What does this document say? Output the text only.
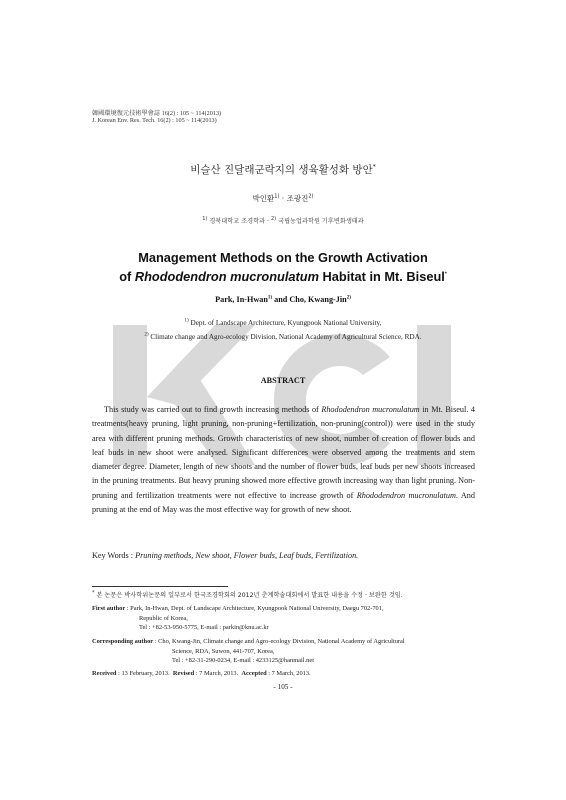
韓國環境復元技術學會誌 16(2) : 105 ~ 114(2013)
J. Korean Env. Res. Tech. 16(2) : 105 ~ 114(2013)
비슬산 진달래군락지의 생육활성화 방안*
박인환$^{1)}$ · 조광진$^{2)}$
$^{1)}$ 경북대학교 조경학과 · $^{2)}$ 국립농업과학원 기후변화생태과
Management Methods on the Growth Activation
of Rhododendron mucronulatum Habitat in Mt. Biseul*
Park, In-Hwan$^{1)}$ and Cho, Kwang-Jin$^{2)}$
$^{1)}$ Dept. of Landscape Architecture, Kyungpook National University,
$^{2)}$ Climate change and Agro-ecology Division, National Academy of Agricultural Science, RDA.
ABSTRACT

This study was carried out to find growth increasing methods of Rhododendron mucronulatum in Mt. Biseul. 4 treatments(heavy pruning, light pruning, non-pruning+fertilization, non-pruning(control)) were used in the study area with different pruning methods. Growth characteristics of new shoot, number of creation of flower buds and leaf buds in new shoot were analysed. Significant differences were observed among the treatments and stem diameter degree. Diameter, length of new shoots and the number of flower buds, leaf buds per new shoots increased in the pruning treatments. But heavy pruning showed more effective growth increasing way than light pruning. Non-pruning and fertilization treatments were not effective to increase growth of Rhododendron mucronulatum. And pruning at the end of May was the most effective way for growth of new shoot.

Key Words : Pruning methods, New shoot, Flower buds, Leaf buds, Fertilization.
* 본 논문은 박사학위논문의 일부로서 한국조경학회의 2012년 춘계학술대회에서 발표한 내용을 수정 · 보완한 것임.
First author : Park, In-Hwan, Dept. of Landscape Architecture, Kyungpook National University, Daegu 702-701,
Republic of Korea,
Tel : +82-53-950-5775, E-mail : parkin@knu.ac.kr
Corresponding author : Cho, Kwang-Jin, Climate change and Agro-ecology Division, National Academy of Agricultural
Science, RDA, Suwon, 441-707, Korea,
Tel : +82-31-290-0234, E-mail : 4233125@hanmail.net
Received : 13 February, 2013.  Revised : 7 March, 2013.  Accepted : 7 March, 2013.
- 105 -
